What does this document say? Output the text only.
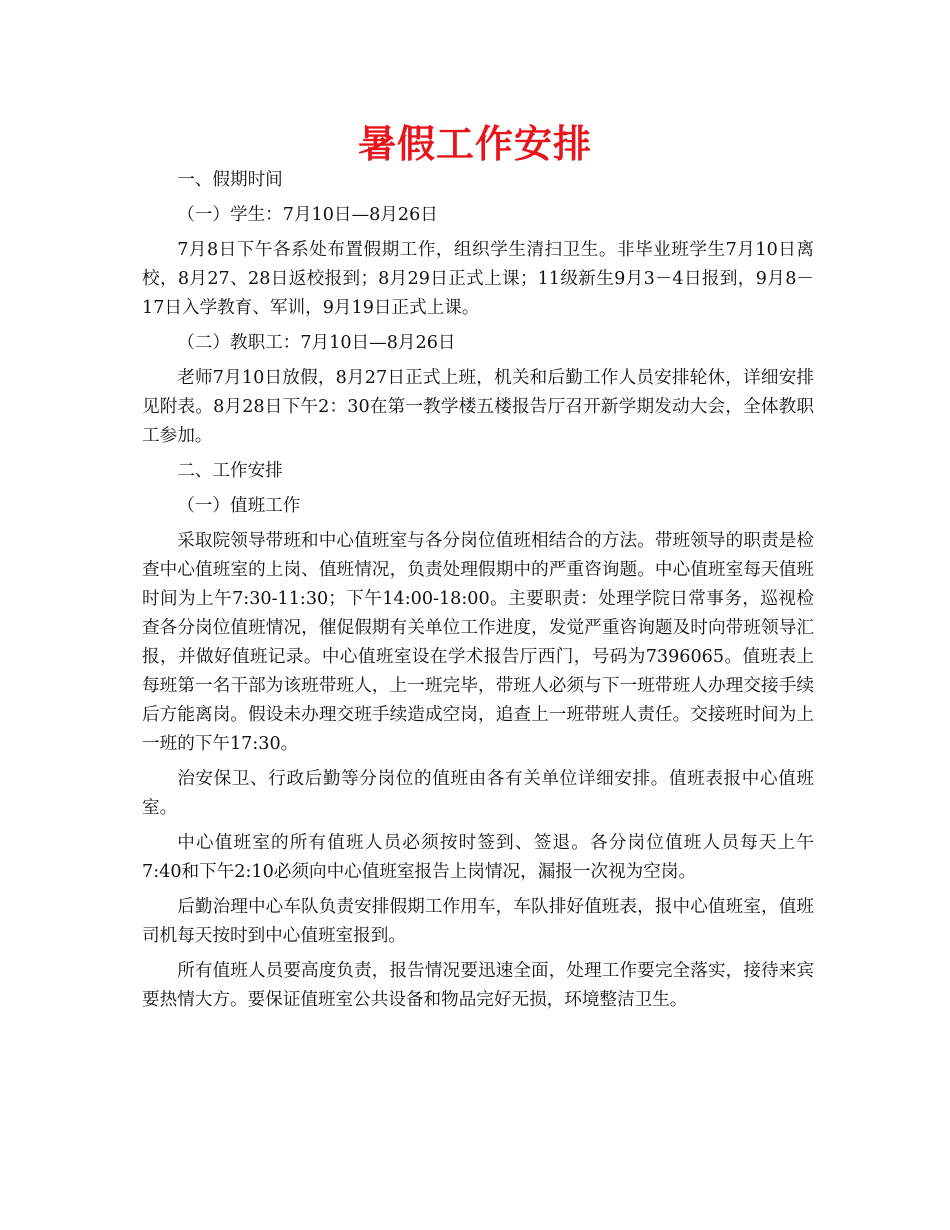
暑假工作安排
一、假期时间
（一）学生：7月10日—8月26日
7月8日下午各系处布置假期工作，组织学生清扫卫生。非毕业班学生7月10日离校，8月27、28日返校报到；8月29日正式上课；11级新生9月3－4日报到，9月8－17日入学教育、军训，9月19日正式上课。
（二）教职工：7月10日—8月26日
老师7月10日放假，8月27日正式上班，机关和后勤工作人员安排轮休，详细安排见附表。8月28日下午2：30在第一教学楼五楼报告厅召开新学期发动大会，全体教职工参加。
二、工作安排
（一）值班工作
采取院领导带班和中心值班室与各分岗位值班相结合的方法。带班领导的职责是检查中心值班室的上岗、值班情况，负责处理假期中的严重咨询题。中心值班室每天值班时间为上午7:30-11:30；下午14:00-18:00。主要职责：处理学院日常事务，巡视检查各分岗位值班情况，催促假期有关单位工作进度，发觉严重咨询题及时向带班领导汇报，并做好值班记录。中心值班室设在学术报告厅西门，号码为7396065。值班表上每班第一名干部为该班带班人，上一班完毕，带班人必须与下一班带班人办理交接手续后方能离岗。假设未办理交班手续造成空岗，追查上一班带班人责任。交接班时间为上一班的下午17:30。
治安保卫、行政后勤等分岗位的值班由各有关单位详细安排。值班表报中心值班室。
中心值班室的所有值班人员必须按时签到、签退。各分岗位值班人员每天上午7:40和下午2:10必须向中心值班室报告上岗情况，漏报一次视为空岗。
后勤治理中心车队负责安排假期工作用车，车队排好值班表，报中心值班室，值班司机每天按时到中心值班室报到。
所有值班人员要高度负责，报告情况要迅速全面，处理工作要完全落实，接待来宾要热情大方。要保证值班室公共设备和物品完好无损，环境整洁卫生。
